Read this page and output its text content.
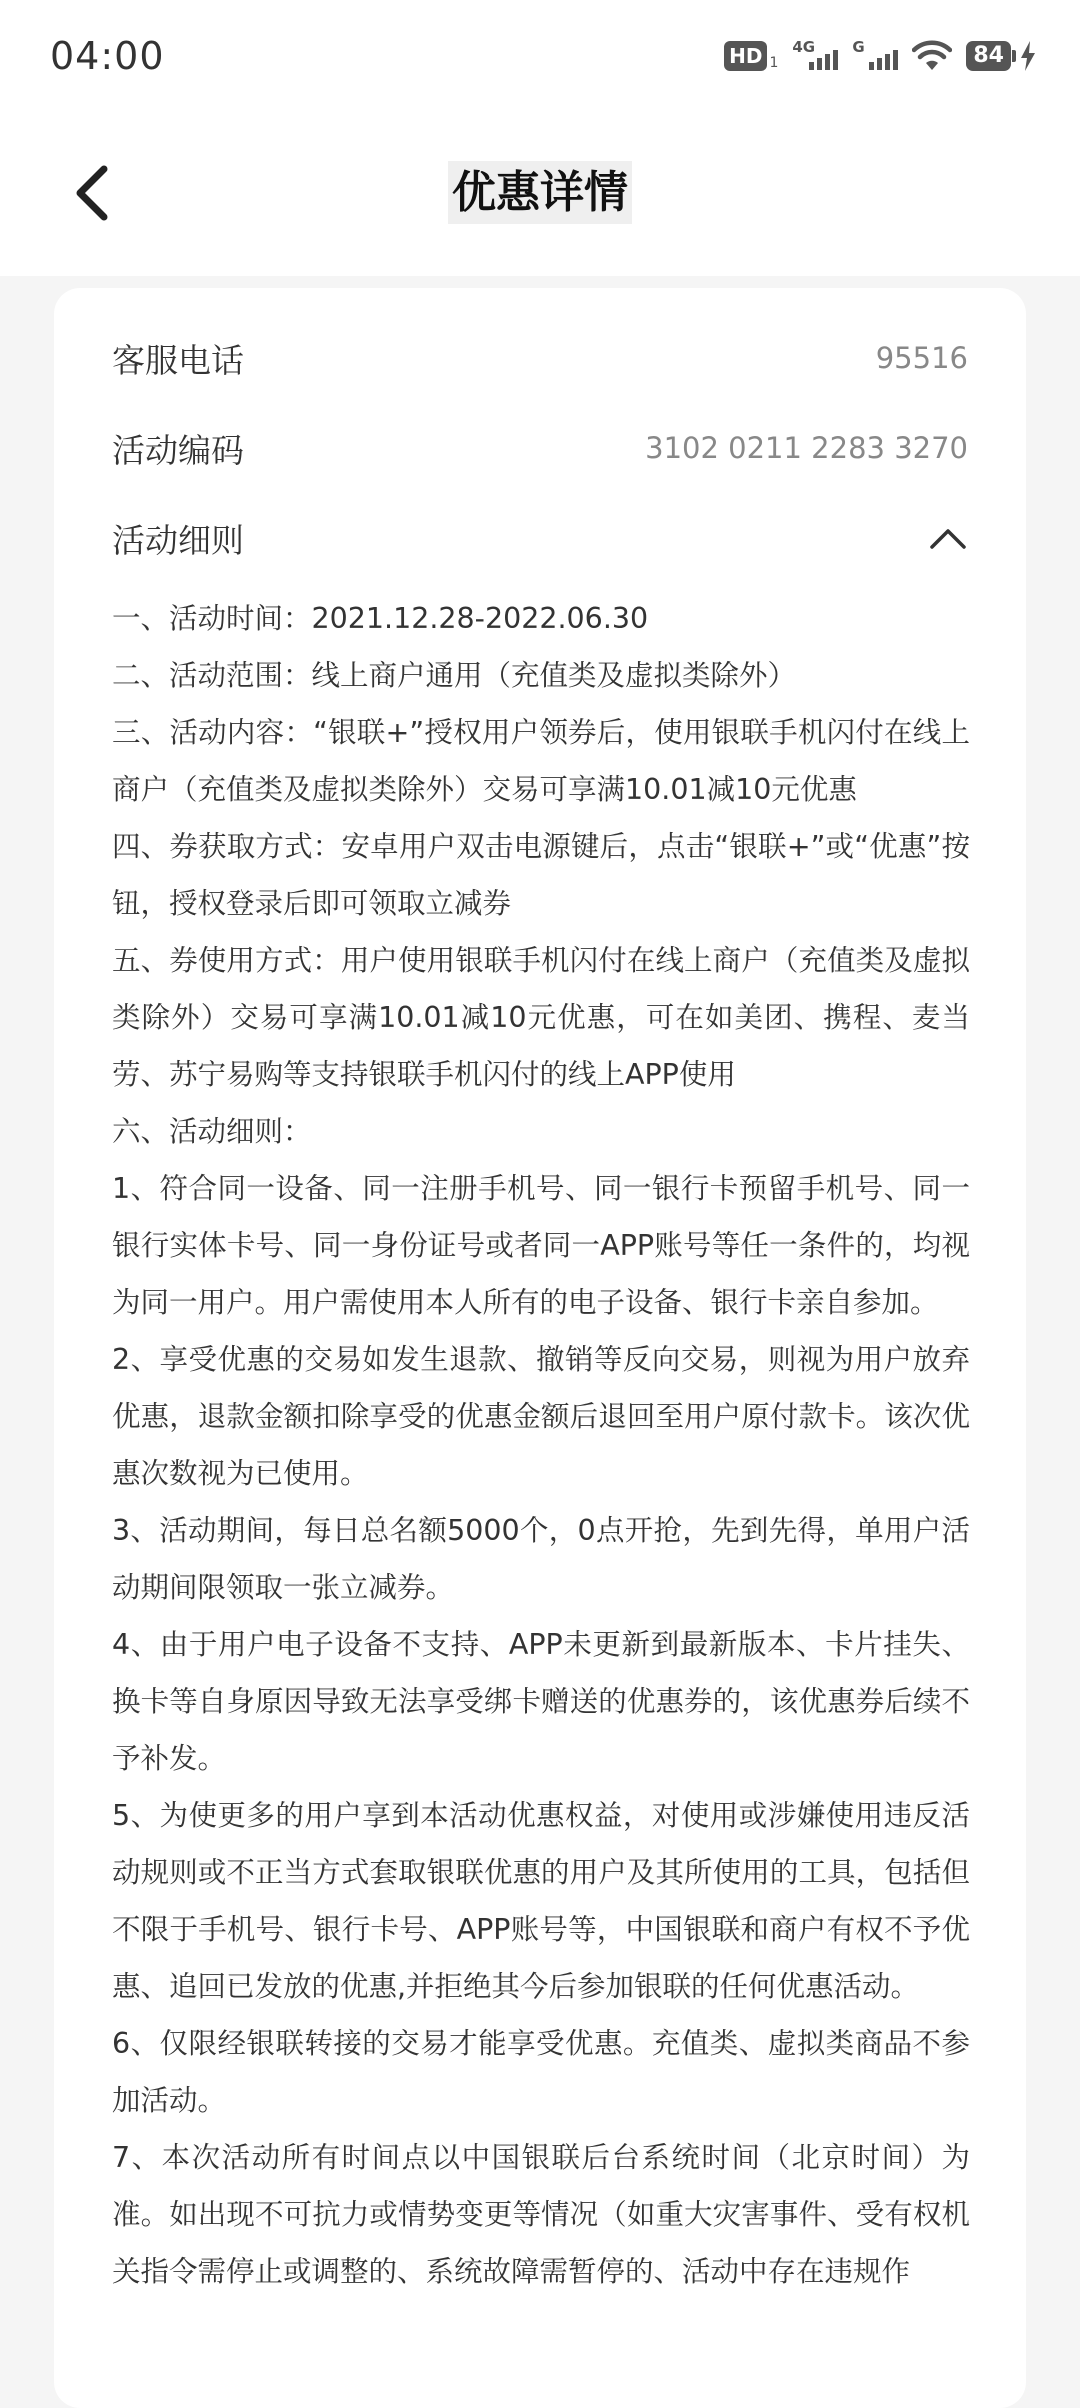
04:00	HD 1
4G G	84
优惠详情
客服电话	95516
活动编码	3102 0211 2283 3270
活动细则

一、活动时间：2021.12.28-2022.06.30

二、活动范围：线上商户通用（充值类及虚拟类除外）

三、活动内容：“银联+”授权用户领券后，使用银联手机闪付在线上商户（充值类及虚拟类除外）交易可享满10.01减10元优惠

四、券获取方式：安卓用户双击电源键后，点击“银联+”或“优惠”按钮，授权登录后即可领取立减券

五、券使用方式：用户使用银联手机闪付在线上商户（充值类及虚拟类除外）交易可享满10.01减10元优惠，可在如美团、携程、麦当劳、苏宁易购等支持银联手机闪付的线上APP使用

六、活动细则：

1、符合同一设备、同一注册手机号、同一银行卡预留手机号、同一银行实体卡号、同一身份证号或者同一APP账号等任一条件的，均视为同一用户。用户需使用本人所有的电子设备、银行卡亲自参加。

2、享受优惠的交易如发生退款、撤销等反向交易，则视为用户放弃优惠，退款金额扣除享受的优惠金额后退回至用户原付款卡。该次优惠次数视为已使用。

3、活动期间，每日总名额5000个，0点开抢，先到先得，单用户活动期间限领取一张立减券。

4、由于用户电子设备不支持、APP未更新到最新版本、卡片挂失、换卡等自身原因导致无法享受绑卡赠送的优惠券的，该优惠券后续不予补发。

5、为使更多的用户享到本活动优惠权益，对使用或涉嫌使用违反活动规则或不正当方式套取银联优惠的用户及其所使用的工具，包括但不限于手机号、银行卡号、APP账号等，中国银联和商户有权不予优惠、追回已发放的优惠,并拒绝其今后参加银联的任何优惠活动。

6、仅限经银联转接的交易才能享受优惠。充值类、虚拟类商品不参加活动。

7、本次活动所有时间点以中国银联后台系统时间（北京时间）为准。如出现不可抗力或情势变更等情况（如重大灾害事件、受有权机关指令需停止或调整的、系统故障需暂停的、活动中存在违规作
